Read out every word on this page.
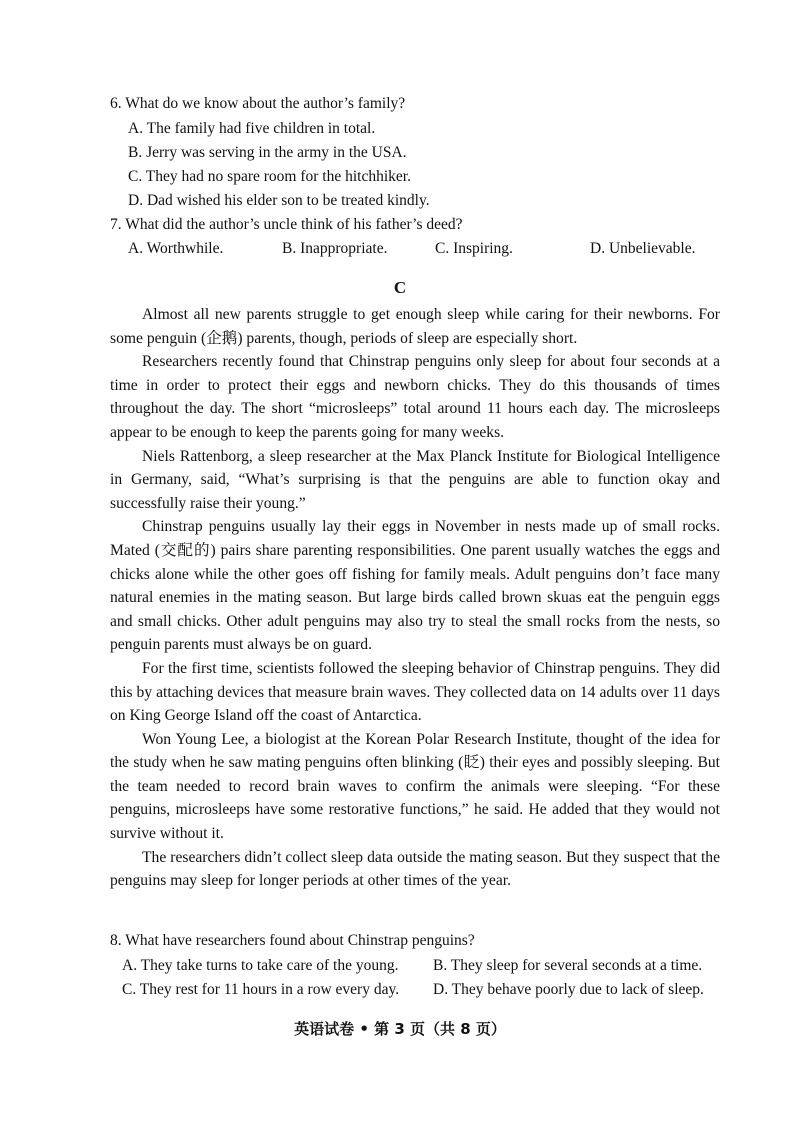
6. What do we know about the author’s family?
A. The family had five children in total.
B. Jerry was serving in the army in the USA.
C. They had no spare room for the hitchhiker.
D. Dad wished his elder son to be treated kindly.
7. What did the author’s uncle think of his father’s deed?
A. Worthwhile.	B. Inappropriate.	C. Inspiring.	D. Unbelievable.
C

Almost all new parents struggle to get enough sleep while caring for their newborns. For some penguin (企鹅) parents, though, periods of sleep are especially short.

Researchers recently found that Chinstrap penguins only sleep for about four seconds at a time in order to protect their eggs and newborn chicks. They do this thousands of times throughout the day. The short “microsleeps” total around 11 hours each day. The microsleeps appear to be enough to keep the parents going for many weeks.

Niels Rattenborg, a sleep researcher at the Max Planck Institute for Biological Intelligence in Germany, said, “What’s surprising is that the penguins are able to function okay and successfully raise their young.”

Chinstrap penguins usually lay their eggs in November in nests made up of small rocks. Mated (交配的) pairs share parenting responsibilities. One parent usually watches the eggs and chicks alone while the other goes off fishing for family meals. Adult penguins don’t face many natural enemies in the mating season. But large birds called brown skuas eat the penguin eggs and small chicks. Other adult penguins may also try to steal the small rocks from the nests, so penguin parents must always be on guard.

For the first time, scientists followed the sleeping behavior of Chinstrap penguins. They did this by attaching devices that measure brain waves. They collected data on 14 adults over 11 days on King George Island off the coast of Antarctica.

Won Young Lee, a biologist at the Korean Polar Research Institute, thought of the idea for the study when he saw mating penguins often blinking (眨) their eyes and possibly sleeping. But the team needed to record brain waves to confirm the animals were sleeping. “For these penguins, microsleeps have some restorative functions,” he said. He added that they would not survive without it.

The researchers didn’t collect sleep data outside the mating season. But they suspect that the penguins may sleep for longer periods at other times of the year.

8. What have researchers found about Chinstrap penguins?
A. They take turns to take care of the young. B. They sleep for several seconds at a time.
C. They rest for 11 hours in a row every day. D. They behave poorly due to lack of sleep.
英语试卷 • 第 3 页（共 8 页）
